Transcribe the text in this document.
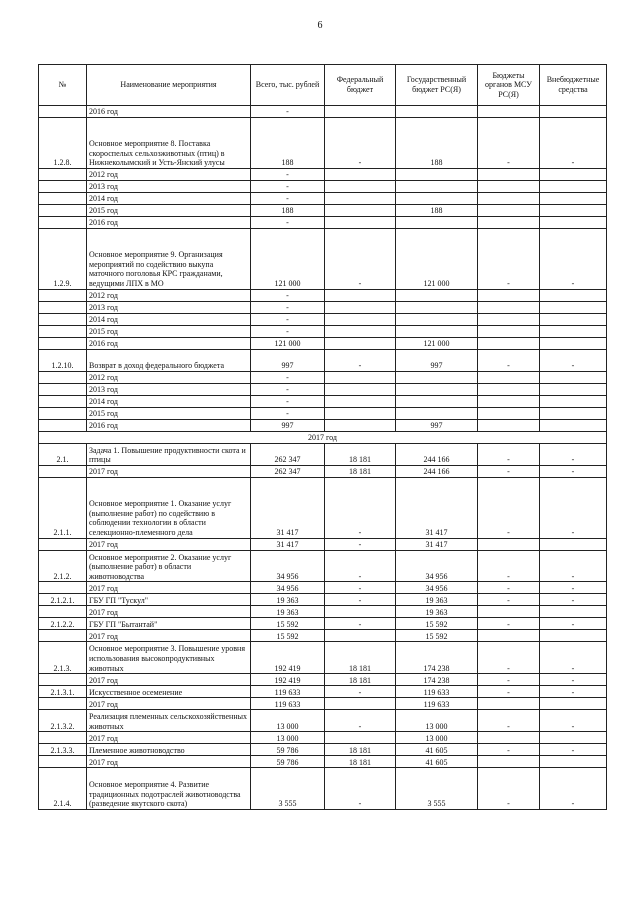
6
№	Наименование мероприятия	Всего, тыс. рублей	Федеральный бюджет	Государственный бюджет РС(Я)	Бюджеты органов МСУ РС(Я)	Внебюджетные средства
	2016 год	-				
1.2.8.	Основное мероприятие 8. Поставка скороспелых сельхозживотных (птиц) в Нижнеколымский и Усть-Янский улусы	188	-	188	-	-
	2012 год	-				
	2013 год	-				
	2014 год	-				
	2015 год	188		188		
	2016 год	-				
1.2.9.	Основное мероприятие 9. Организация мероприятий по содействию выкупа маточного поголовья КРС гражданами, ведущими ЛПХ в МО	121 000	-	121 000	-	-
	2012 год	-				
	2013 год	-				
	2014 год	-				
	2015 год	-				
	2016 год	121 000		121 000		
1.2.10.	Возврат в доход федерального бюджета	997	-	997	-	-
	2012 год	-				
	2013 год	-				
	2014 год	-				
	2015 год	-				
	2016 год	997		997		
2017 год						
2.1.	Задача 1. Повышение продуктивности скота и птицы	262 347	18 181	244 166	-	-
	2017 год	262 347	18 181	244 166	-	-
2.1.1.	Основное мероприятие 1. Оказание услуг (выполнение работ) по содействию в соблюдении технологии в области селекционно-племенного дела	31 417	-	31 417	-	-
	2017 год	31 417	-	31 417		
2.1.2.	Основное мероприятие 2. Оказание услуг (выполнение работ) в области животноводства	34 956	-	34 956	-	-
	2017 год	34 956	-	34 956	-	-
2.1.2.1.	ГБУ ГП "Тускул"	19 363	-	19 363	-	-
	2017 год	19 363		19 363		
2.1.2.2.	ГБУ ГП "Бытантай"	15 592	-	15 592	-	-
	2017 год	15 592		15 592		
2.1.3.	Основное мероприятие 3. Повышение уровня использования высокопродуктивных животных	192 419	18 181	174 238	-	-
	2017 год	192 419	18 181	174 238	-	-
2.1.3.1.	Искусственное осеменение	119 633	-	119 633	-	-
	2017 год	119 633		119 633		
2.1.3.2.	Реализация племенных сельскохозяйственных животных	13 000	-	13 000	-	-
	2017 год	13 000		13 000		
2.1.3.3.	Племенное животноводство	59 786	18 181	41 605	-	-
	2017 год	59 786	18 181	41 605		
2.1.4.	Основное мероприятие 4. Развитие традиционных подотраслей животноводства (разведение якутского скота)	3 555	-	3 555	-	-
